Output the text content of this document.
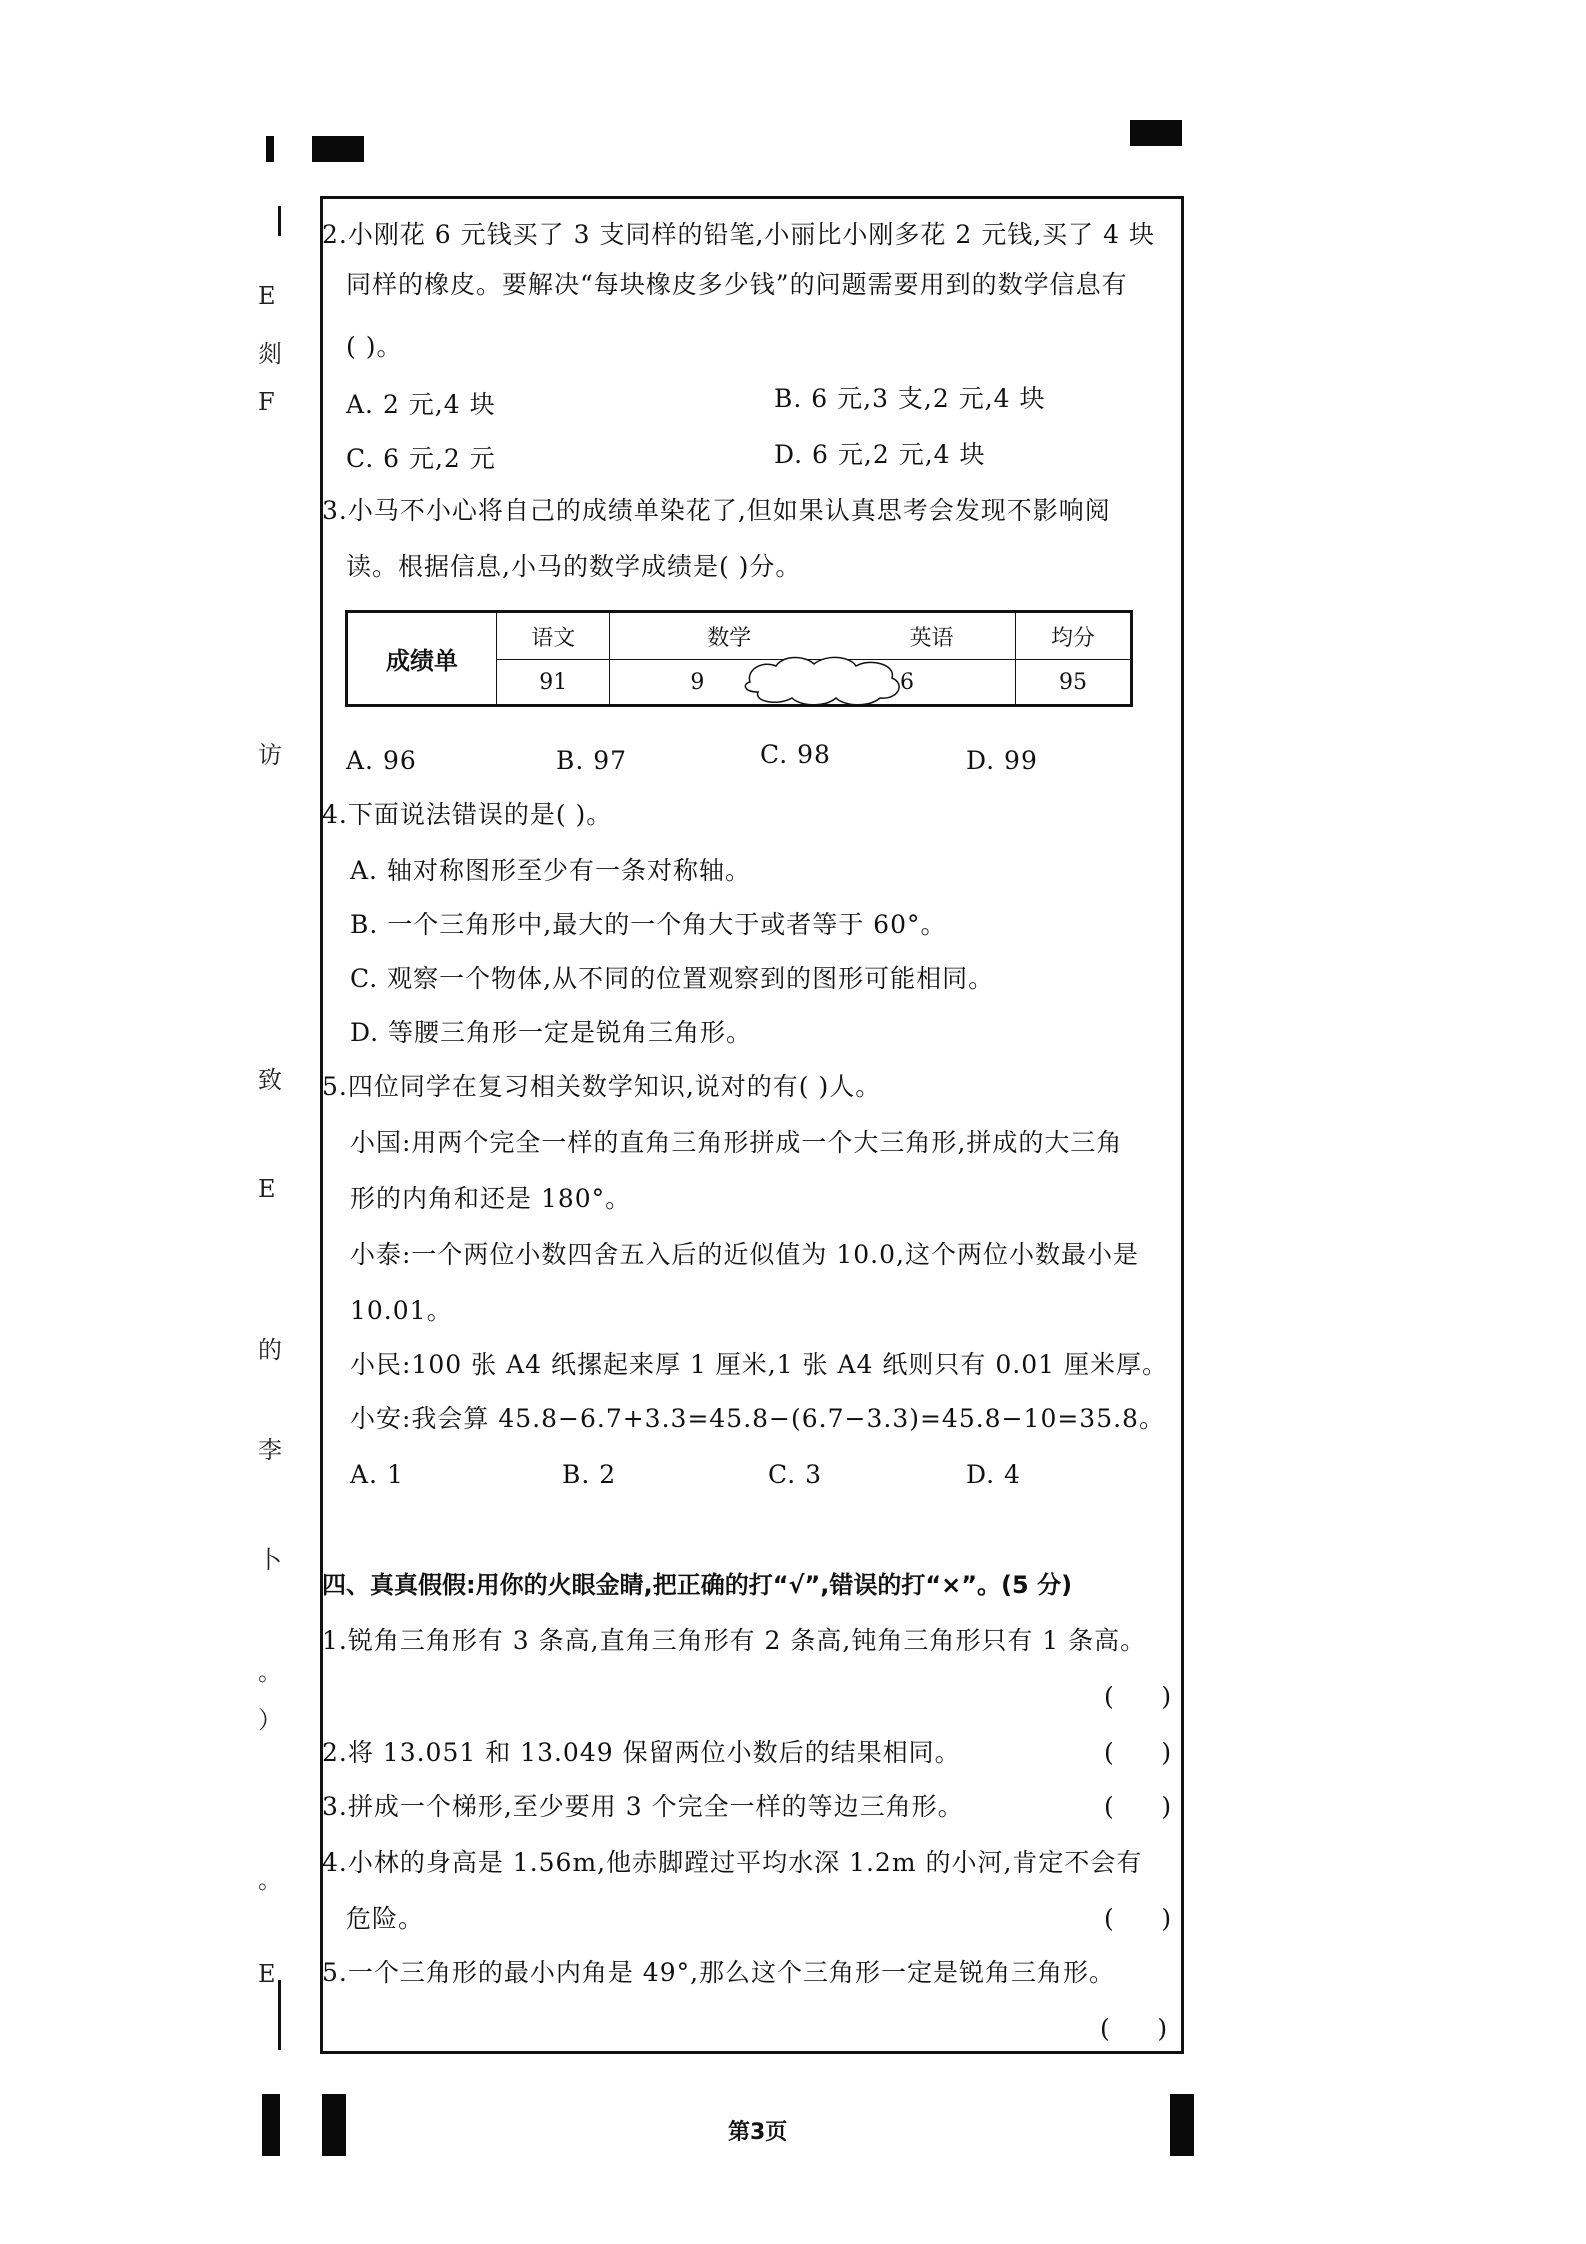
E
剡
F
访
致
E
的
李
卜
。
）
。
E
2.小刚花 6 元钱买了 3 支同样的铅笔,小丽比小刚多花 2 元钱,买了 4 块
同样的橡皮。要解决“每块橡皮多少钱”的问题需要用到的数学信息有
( )。
A. 2 元,4 块	B. 6 元,3 支,2 元,4 块
C. 6 元,2 元	D. 6 元,2 元,4 块
3.小马不小心将自己的成绩单染花了,但如果认真思考会发现不影响阅
读。根据信息,小马的数学成绩是( )分。
成绩单	语文	数学	英语	均分
	91	9	6	95
A. 96	B. 97	C. 98	D. 99
4.下面说法错误的是( )。
A. 轴对称图形至少有一条对称轴。
B. 一个三角形中,最大的一个角大于或者等于 60°。
C. 观察一个物体,从不同的位置观察到的图形可能相同。
D. 等腰三角形一定是锐角三角形。
5.四位同学在复习相关数学知识,说对的有( )人。
小国:用两个完全一样的直角三角形拼成一个大三角形,拼成的大三角
形的内角和还是 180°。
小泰:一个两位小数四舍五入后的近似值为 10.0,这个两位小数最小是
10.01。
小民:100 张 A4 纸摞起来厚 1 厘米,1 张 A4 纸则只有 0.01 厘米厚。
小安:我会算 45.8−6.7+3.3=45.8−(6.7−3.3)=45.8−10=35.8。
A. 1	B. 2	C. 3	D. 4
四、真真假假:用你的火眼金睛,把正确的打“√”,错误的打“×”。(5 分)
1.锐角三角形有 3 条高,直角三角形有 2 条高,钝角三角形只有 1 条高。
(      )
2.将 13.051 和 13.049 保留两位小数后的结果相同。	(      )
3.拼成一个梯形,至少要用 3 个完全一样的等边三角形。	(      )
4.小林的身高是 1.56m,他赤脚蹚过平均水深 1.2m 的小河,肯定不会有
危险。	(      )
5.一个三角形的最小内角是 49°,那么这个三角形一定是锐角三角形。
(      )
第3页
